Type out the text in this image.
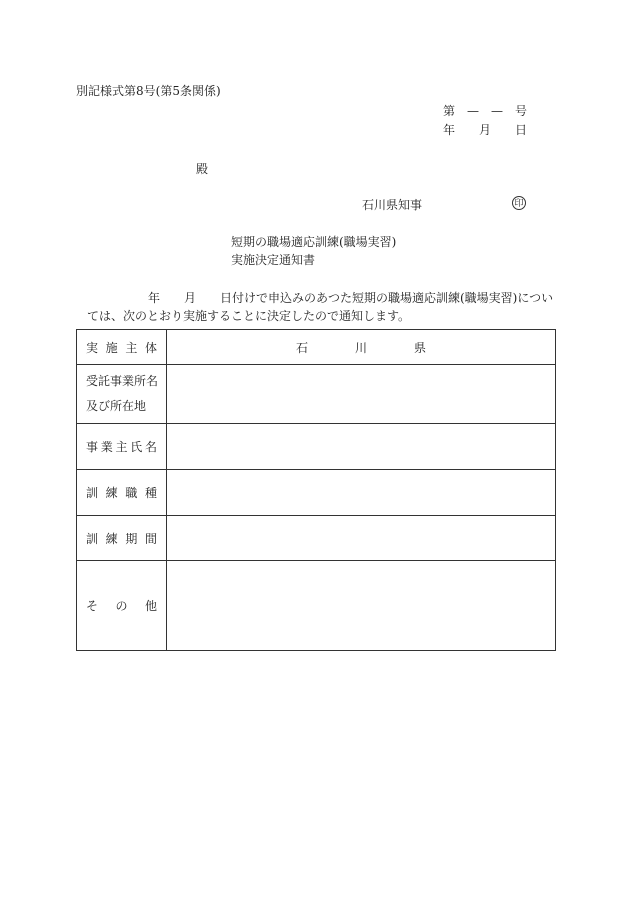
別記様式第8号(第5条関係)
第 — — 号
年 月 日
殿
石川県知事	印
短期の職場適応訓練(職場実習)
実施決定通知書
年　　月　　日付けで申込みのあつた短期の職場適応訓練(職場実習)につい
ては、次のとおり実施することに決定したので通知します。
実 施 主 体	石 川 県

受託事業所名
及び所在地	

事 業 主 氏 名	

訓 練 職 種	

訓 練 期 間	

そ の 他	
